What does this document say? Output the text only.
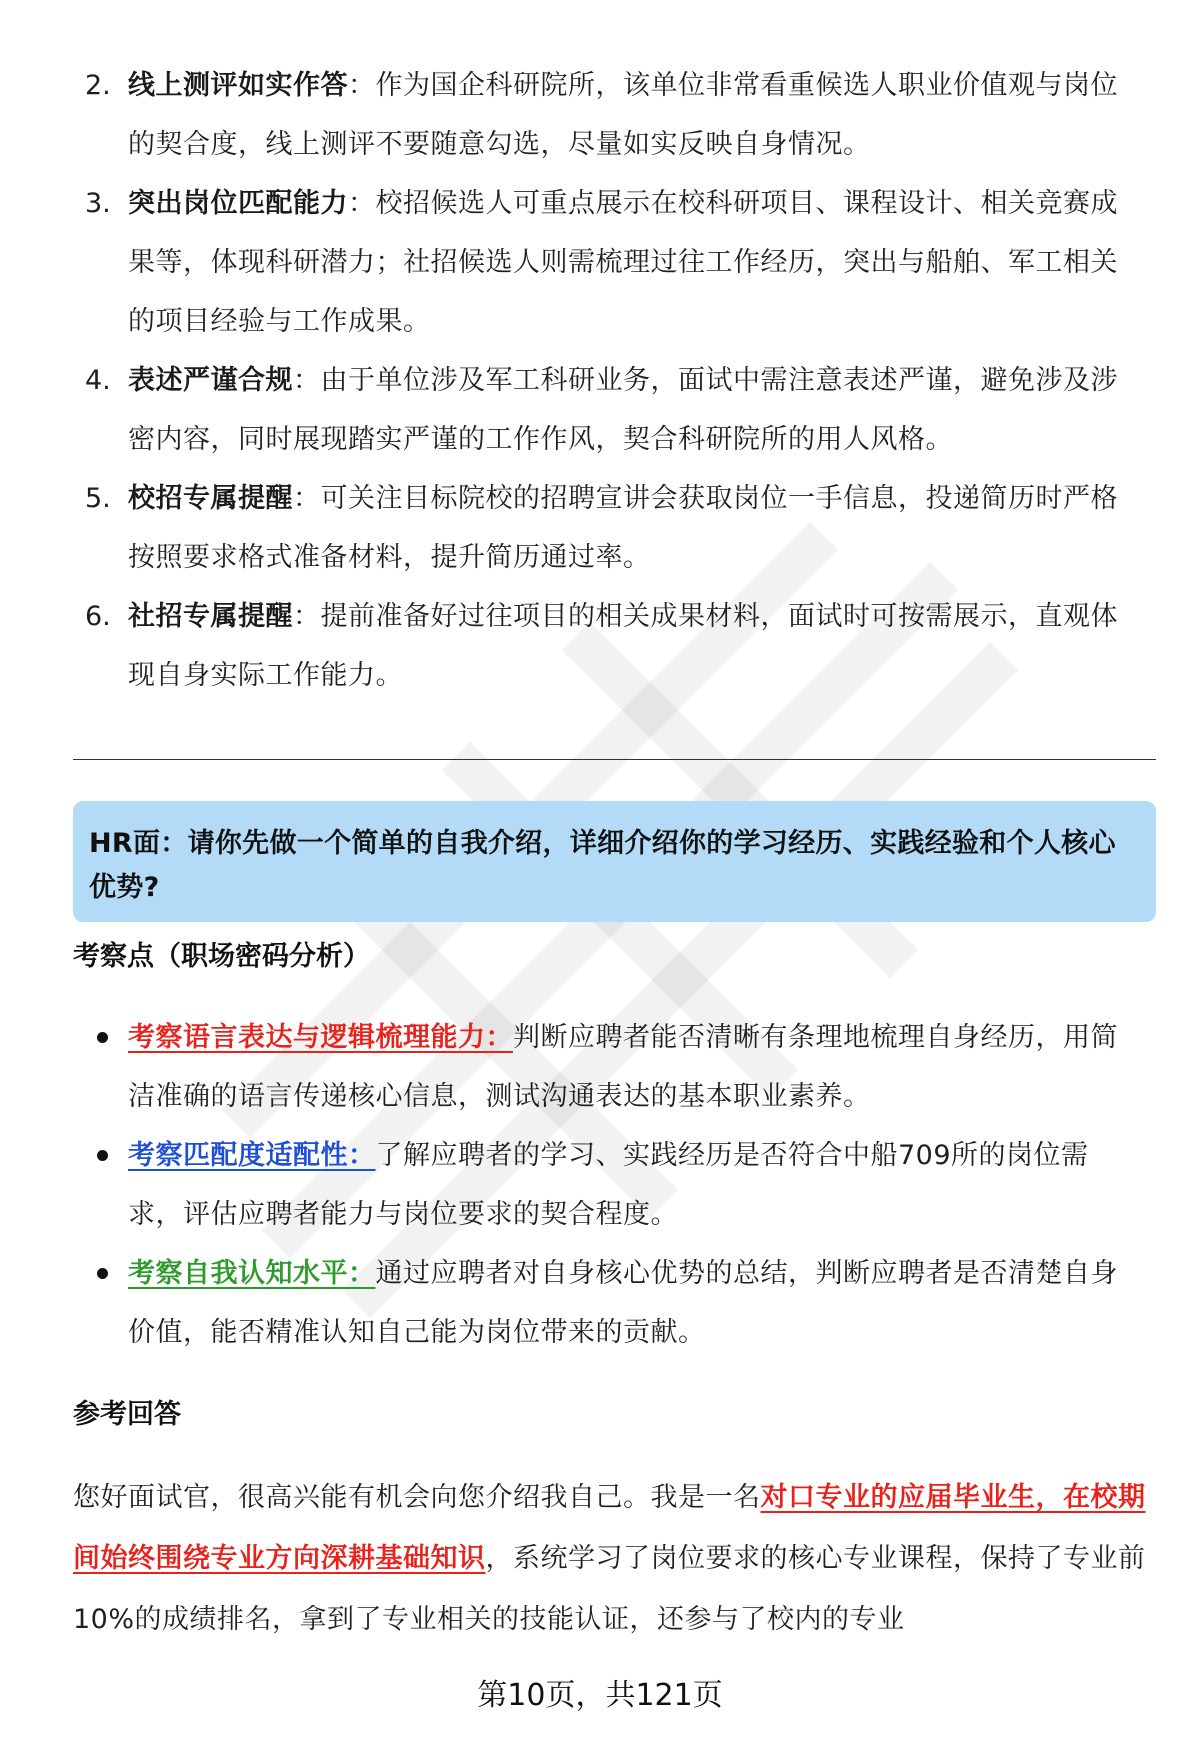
2. 线上测评如实作答：作为国企科研院所，该单位非常看重候选人职业价值观与岗位的契合度，线上测评不要随意勾选，尽量如实反映自身情况。
3. 突出岗位匹配能力：校招候选人可重点展示在校科研项目、课程设计、相关竞赛成果等，体现科研潜力；社招候选人则需梳理过往工作经历，突出与船舶、军工相关的项目经验与工作成果。
4. 表述严谨合规：由于单位涉及军工科研业务，面试中需注意表述严谨，避免涉及涉密内容，同时展现踏实严谨的工作作风，契合科研院所的用人风格。
5. 校招专属提醒：可关注目标院校的招聘宣讲会获取岗位一手信息，投递简历时严格按照要求格式准备材料，提升简历通过率。
6. 社招专属提醒：提前准备好过往项目的相关成果材料，面试时可按需展示，直观体现自身实际工作能力。
HR面：请你先做一个简单的自我介绍，详细介绍你的学习经历、实践经验和个人核心优势?
考察点（职场密码分析）
考察语言表达与逻辑梳理能力：判断应聘者能否清晰有条理地梳理自身经历，用简洁准确的语言传递核心信息，测试沟通表达的基本职业素养。
考察匹配度适配性：了解应聘者的学习、实践经历是否符合中船709所的岗位需求，评估应聘者能力与岗位要求的契合程度。
考察自我认知水平：通过应聘者对自身核心优势的总结，判断应聘者是否清楚自身价值，能否精准认知自己能为岗位带来的贡献。
参考回答
您好面试官，很高兴能有机会向您介绍我自己。我是一名对口专业的应届毕业生，在校期间始终围绕专业方向深耕基础知识，系统学习了岗位要求的核心专业课程，保持了专业前10%的成绩排名，拿到了专业相关的技能认证，还参与了校内的专业
第10页，共121页
